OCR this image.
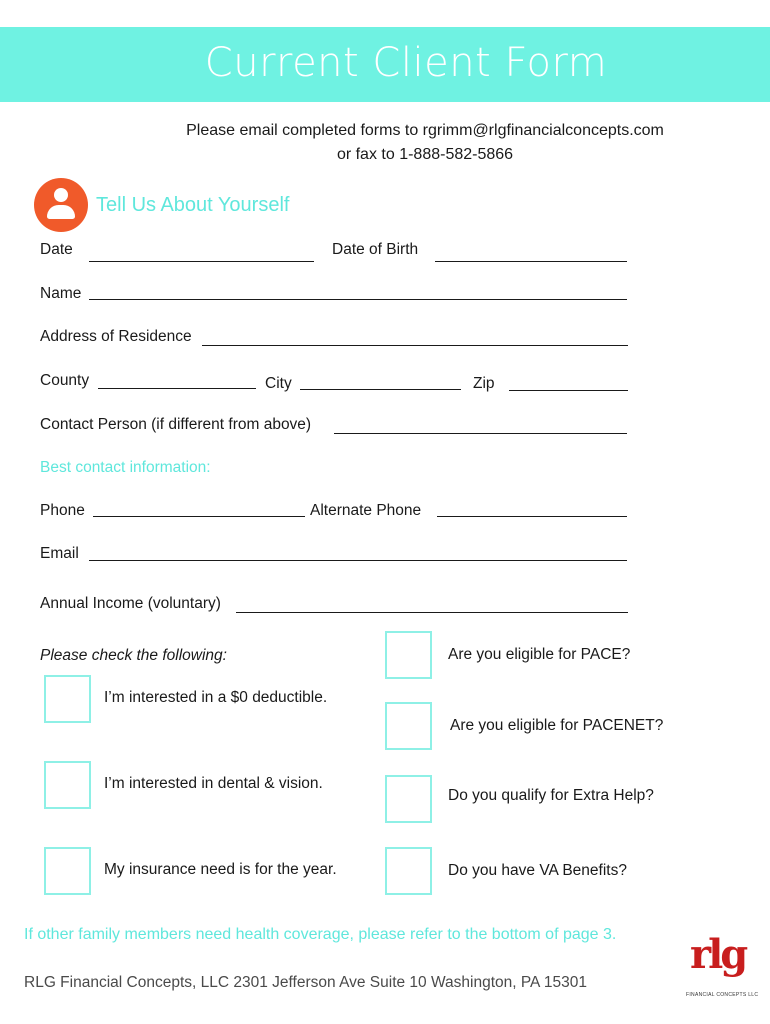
Current Client Form
Please email completed forms to rgrimm@rlgfinancialconcepts.com
or fax to 1-888-582-5866
Tell Us About Yourself
Date	Date of Birth
Name
Address of Residence
County	City	Zip
Contact Person (if different from above)
Best contact information:
Phone	Alternate Phone
Email
Annual Income (voluntary)
Please check the following:
I’m interested in a $0 deductible.
I’m interested in dental & vision.
My insurance need is for the year.
Are you eligible for PACE?
Are you eligible for PACENET?
Do you qualify for Extra Help?
Do you have VA Benefits?
If other family members need health coverage, please refer to the bottom of page 3.
RLG Financial Concepts, LLC 2301 Jefferson Ave Suite 10 Washington, PA 15301
rlg
FINANCIAL CONCEPTS LLC
